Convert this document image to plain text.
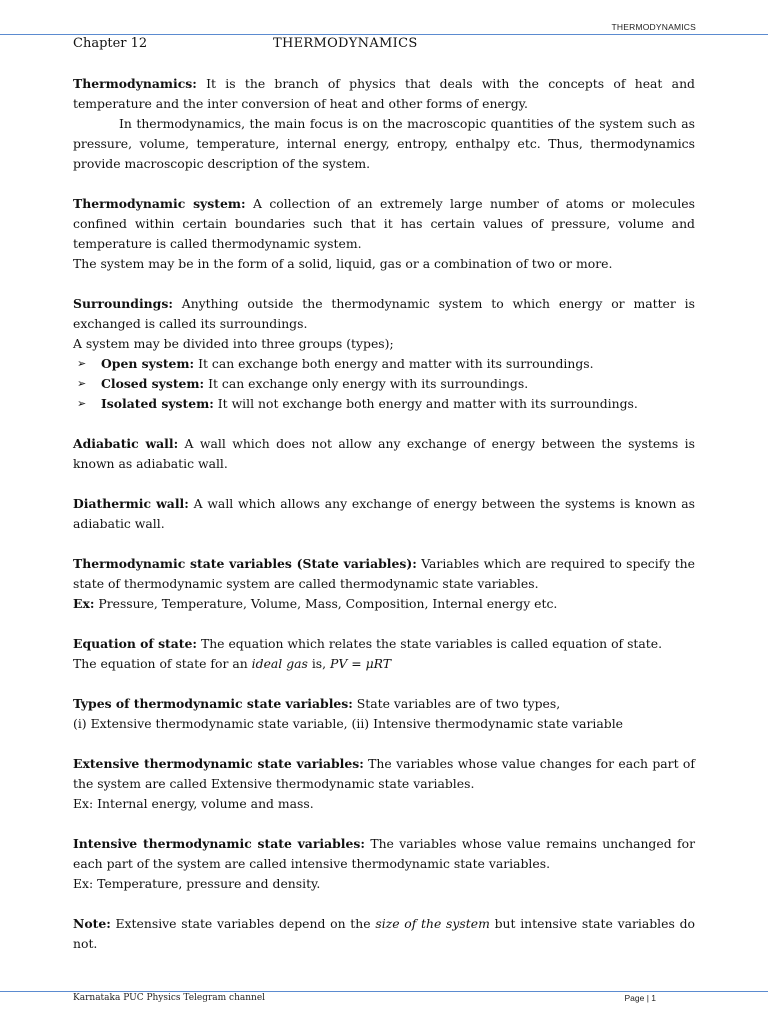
THERMODYNAMICS
Chapter 12	THERMODYNAMICS

Thermodynamics: It is the branch of physics that deals with the concepts of heat and temperature and the inter conversion of heat and other forms of energy.

In thermodynamics, the main focus is on the macroscopic quantities of the system such as pressure, volume, temperature, internal energy, entropy, enthalpy etc. Thus, thermodynamics provide macroscopic description of the system.

Thermodynamic system: A collection of an extremely large number of atoms or molecules confined within certain boundaries such that it has certain values of pressure, volume and temperature is called thermodynamic system.

The system may be in the form of a solid, liquid, gas or a combination of two or more.

Surroundings: Anything outside the thermodynamic system to which energy or matter is exchanged is called its surroundings.

A system may be divided into three groups (types);

➢ Open system: It can exchange both energy and matter with its surroundings.
➢ Closed system: It can exchange only energy with its surroundings.
➢ Isolated system: It will not exchange both energy and matter with its surroundings.

Adiabatic wall: A wall which does not allow any exchange of energy between the systems is known as adiabatic wall.

Diathermic wall: A wall which allows any exchange of energy between the systems is known as adiabatic wall.

Thermodynamic state variables (State variables): Variables which are required to specify the state of thermodynamic system are called thermodynamic state variables.

Ex: Pressure, Temperature, Volume, Mass, Composition, Internal energy etc.

Equation of state: The equation which relates the state variables is called equation of state.

The equation of state for an ideal gas is, PV = μRT

Types of thermodynamic state variables: State variables are of two types,

(i) Extensive thermodynamic state variable, (ii) Intensive thermodynamic state variable

Extensive thermodynamic state variables: The variables whose value changes for each part of the system are called Extensive thermodynamic state variables.

Ex: Internal energy, volume and mass.

Intensive thermodynamic state variables: The variables whose value remains unchanged for each part of the system are called intensive thermodynamic state variables.

Ex: Temperature, pressure and density.

Note: Extensive state variables depend on the size of the system but intensive state variables do not.

Karnataka PUC Physics Telegram channel	Page | 1
